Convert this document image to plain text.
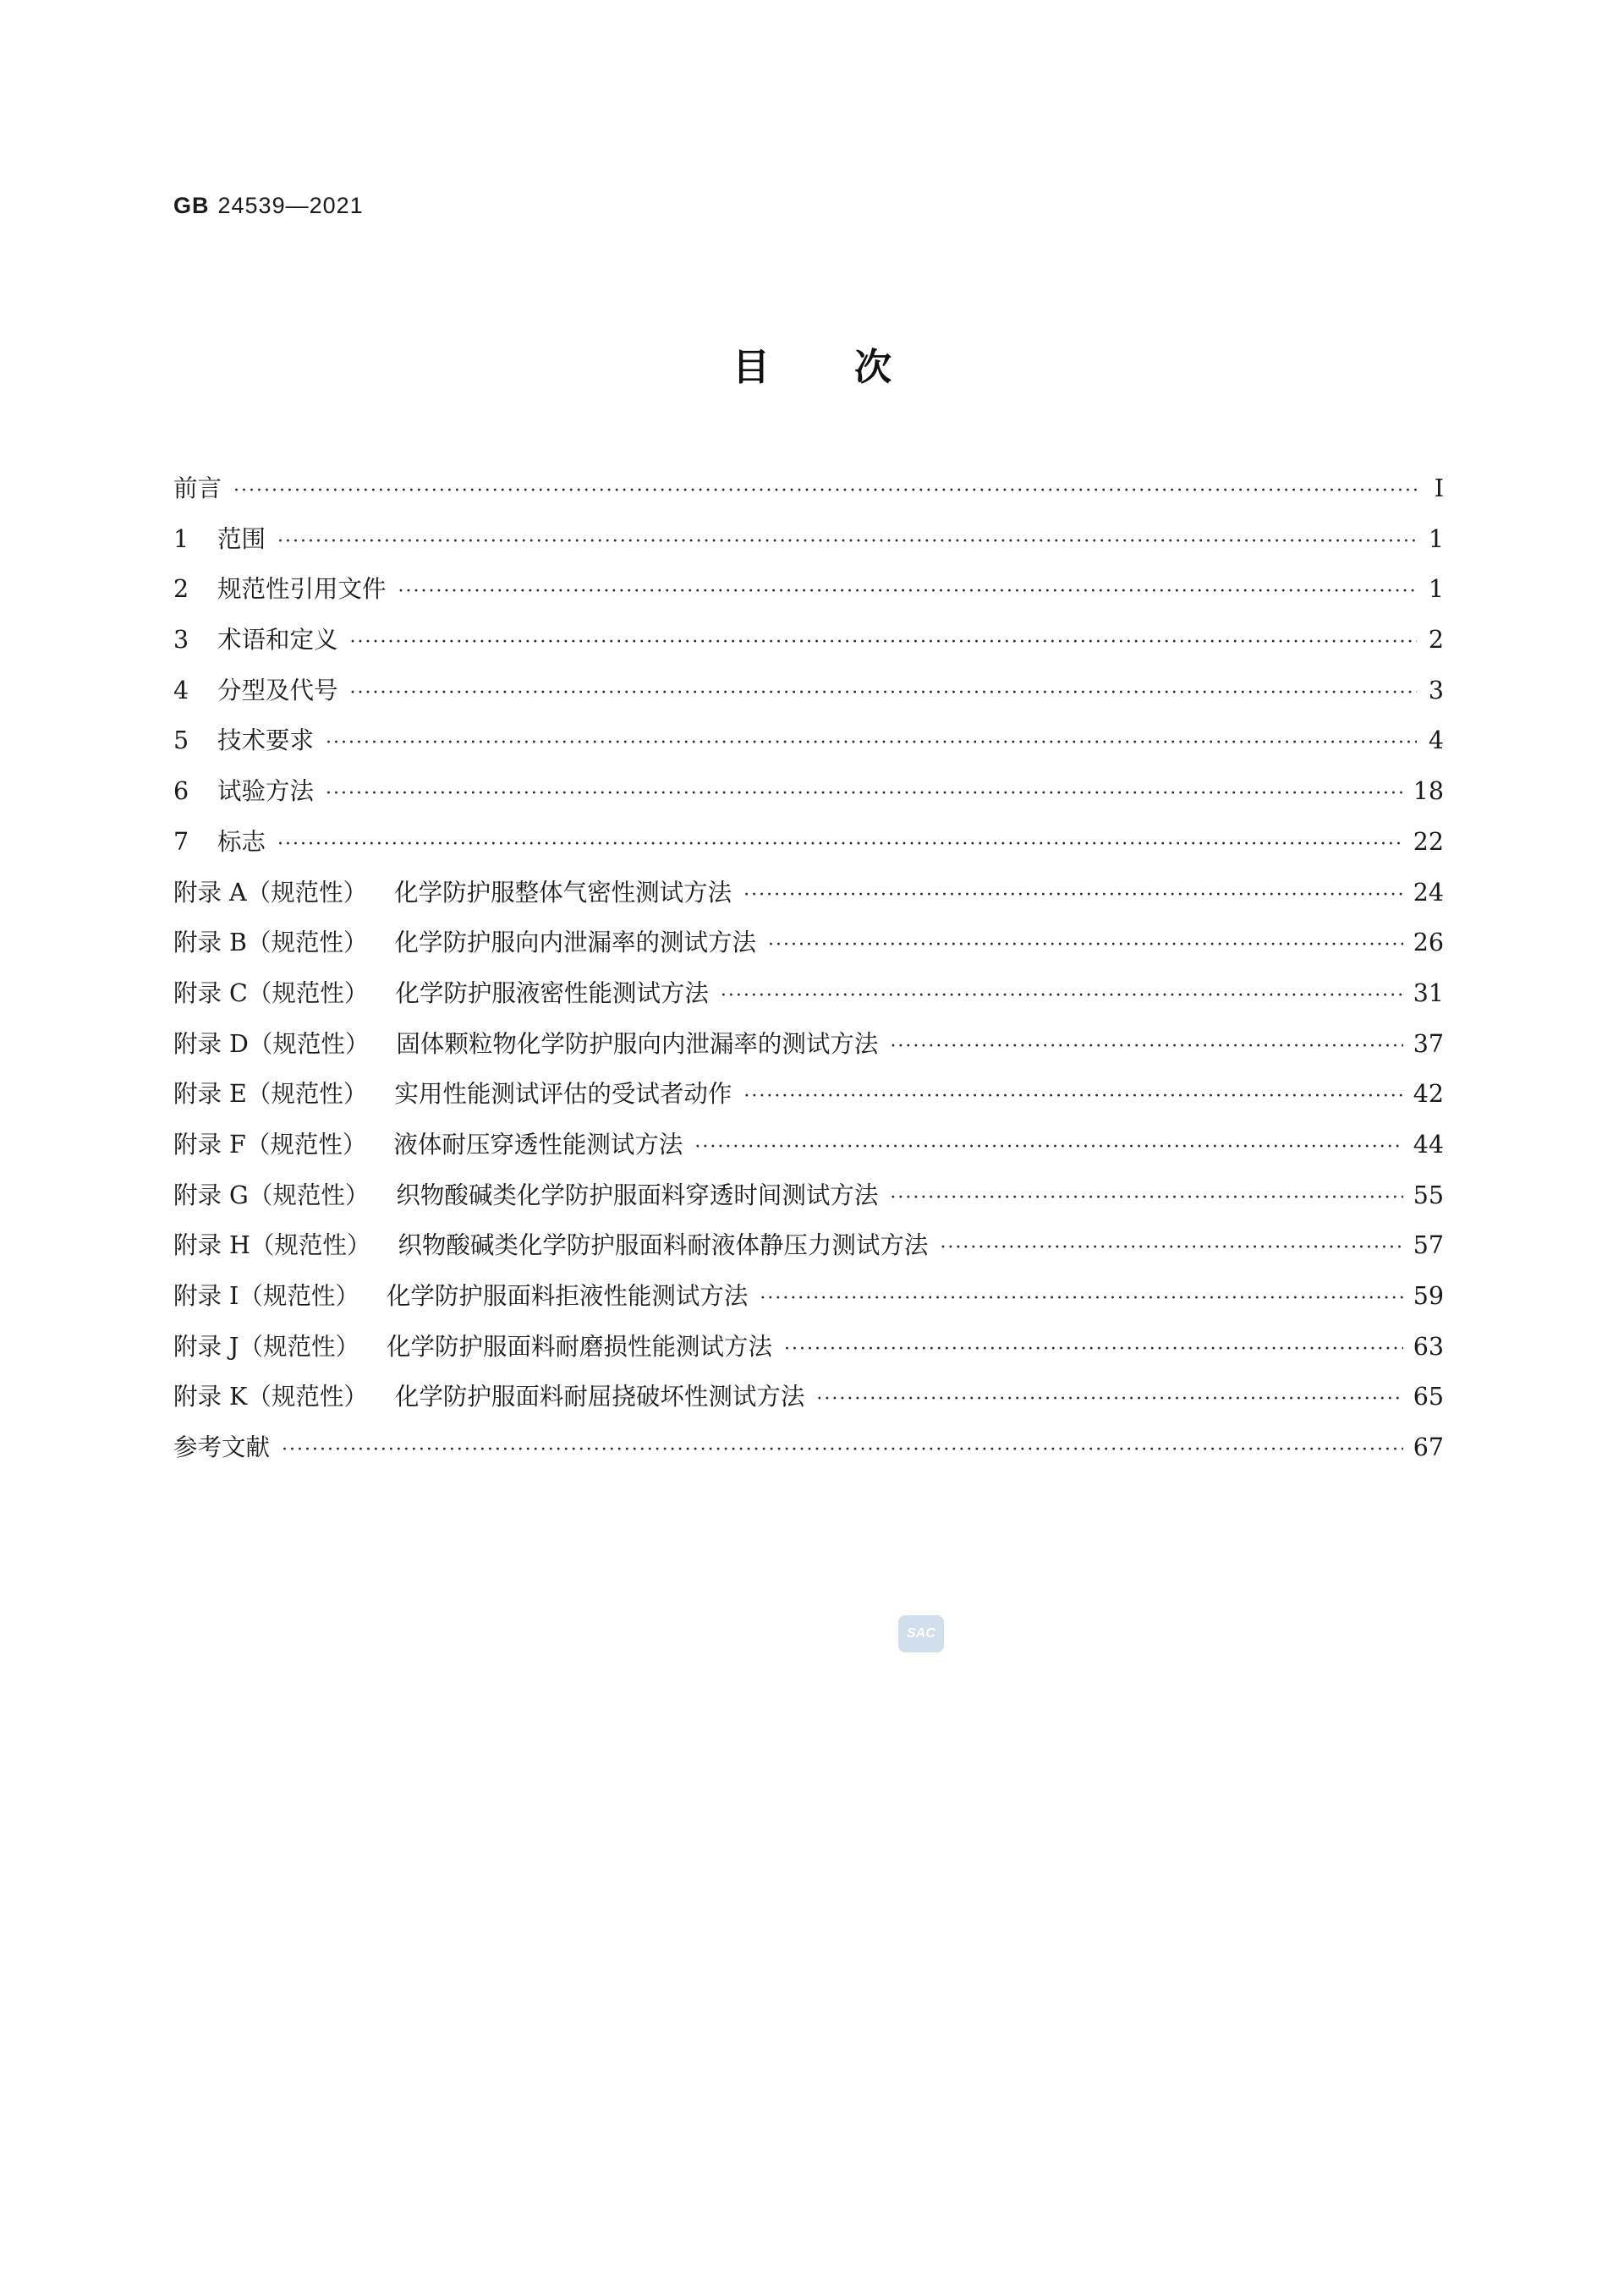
GB 24539—2021
目次
前言 ·····	Ⅰ
1	范围 ·····	1
2	规范性引用文件 ·····	1
3	术语和定义 ·····	2
4	分型及代号 ·····	3
5	技术要求 ·····	4
6	试验方法 ·····	18
7	标志 ·····	22
附录 A（规范性） 化学防护服整体气密性测试方法 ·····	24
附录 B（规范性） 化学防护服向内泄漏率的测试方法 ·····	26
附录 C（规范性） 化学防护服液密性能测试方法 ·····	31
附录 D（规范性） 固体颗粒物化学防护服向内泄漏率的测试方法 ·····	37
附录 E（规范性） 实用性能测试评估的受试者动作 ·····	42
附录 F（规范性） 液体耐压穿透性能测试方法 ·····	44
附录 G（规范性） 织物酸碱类化学防护服面料穿透时间测试方法 ·····	55
附录 H（规范性） 织物酸碱类化学防护服面料耐液体静压力测试方法 ·····	57
附录 I（规范性） 化学防护服面料拒液性能测试方法 ·····	59
附录 J（规范性） 化学防护服面料耐磨损性能测试方法 ·····	63
附录 K（规范性） 化学防护服面料耐屈挠破坏性测试方法 ·····	65
参考文献 ·····	67
SAC
